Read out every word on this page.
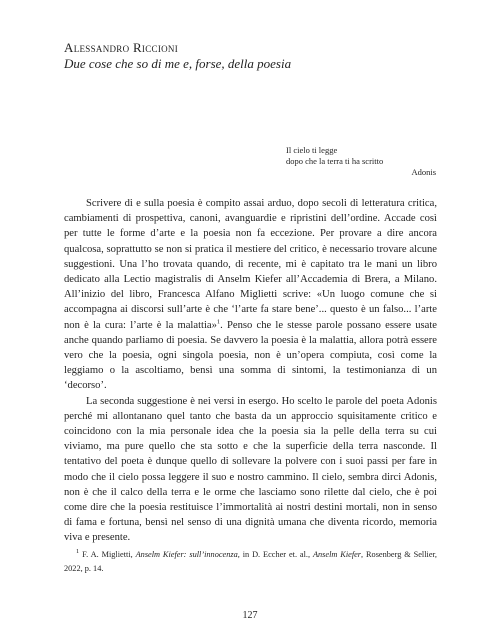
Alessandro Riccioni
Due cose che so di me e, forse, della poesia
Il cielo ti legge
dopo che la terra ti ha scritto
Adonis

Scrivere di e sulla poesia è compito assai arduo, dopo secoli di letteratura critica, cambiamenti di prospettiva, canoni, avanguardie e ripristini dell’ordine. Accade così per tutte le forme d’arte e la poesia non fa eccezione. Per provare a dire ancora qualcosa, soprattutto se non si pratica il mestiere del critico, è necessario trovare alcune suggestioni. Una l’ho trovata quando, di recente, mi è capitato tra le mani un libro dedicato alla Lectio magistralis di Anselm Kiefer all’Accademia di Brera, a Milano. All’inizio del libro, Francesca Alfano Miglietti scrive: «Un luogo comune che si accompagna ai discorsi sull’arte è che ‘l’arte fa stare bene’... questo è un falso... l’arte non è la cura: l’arte è la malattia»$^1$. Penso che le stesse parole possano essere usate anche quando parliamo di poesia. Se davvero la poesia è la malattia, allora potrà essere vero che la poesia, ogni singola poesia, non è un’opera compiuta, così come la leggiamo o la ascoltiamo, bensì una somma di sintomi, la testimonianza di un ‘decorso’.

La seconda suggestione è nei versi in esergo. Ho scelto le parole del poeta Adonis perché mi allontanano quel tanto che basta da un approccio squisitamente critico e coincidono con la mia personale idea che la poesia sia la pelle della terra su cui viviamo, ma pure quello che sta sotto e che la superficie della terra nasconde. Il tentativo del poeta è dunque quello di sollevare la polvere con i suoi passi per fare in modo che il cielo possa leggere il suo e nostro cammino. Il cielo, sembra dirci Adonis, non è che il calco della terra e le orme che lasciamo sono rilette dal cielo, che è poi come dire che la poesia restituisce l’immortalità ai nostri destini mortali, non in senso di fama e fortuna, bensì nel senso di una dignità umana che diventa ricordo, memoria viva e presente.

$^1$ F. A. Miglietti, Anselm Kiefer: sull’innocenza, in D. Eccher et. al., Anselm Kiefer, Rosenberg & Sellier, 2022, p. 14.
127
